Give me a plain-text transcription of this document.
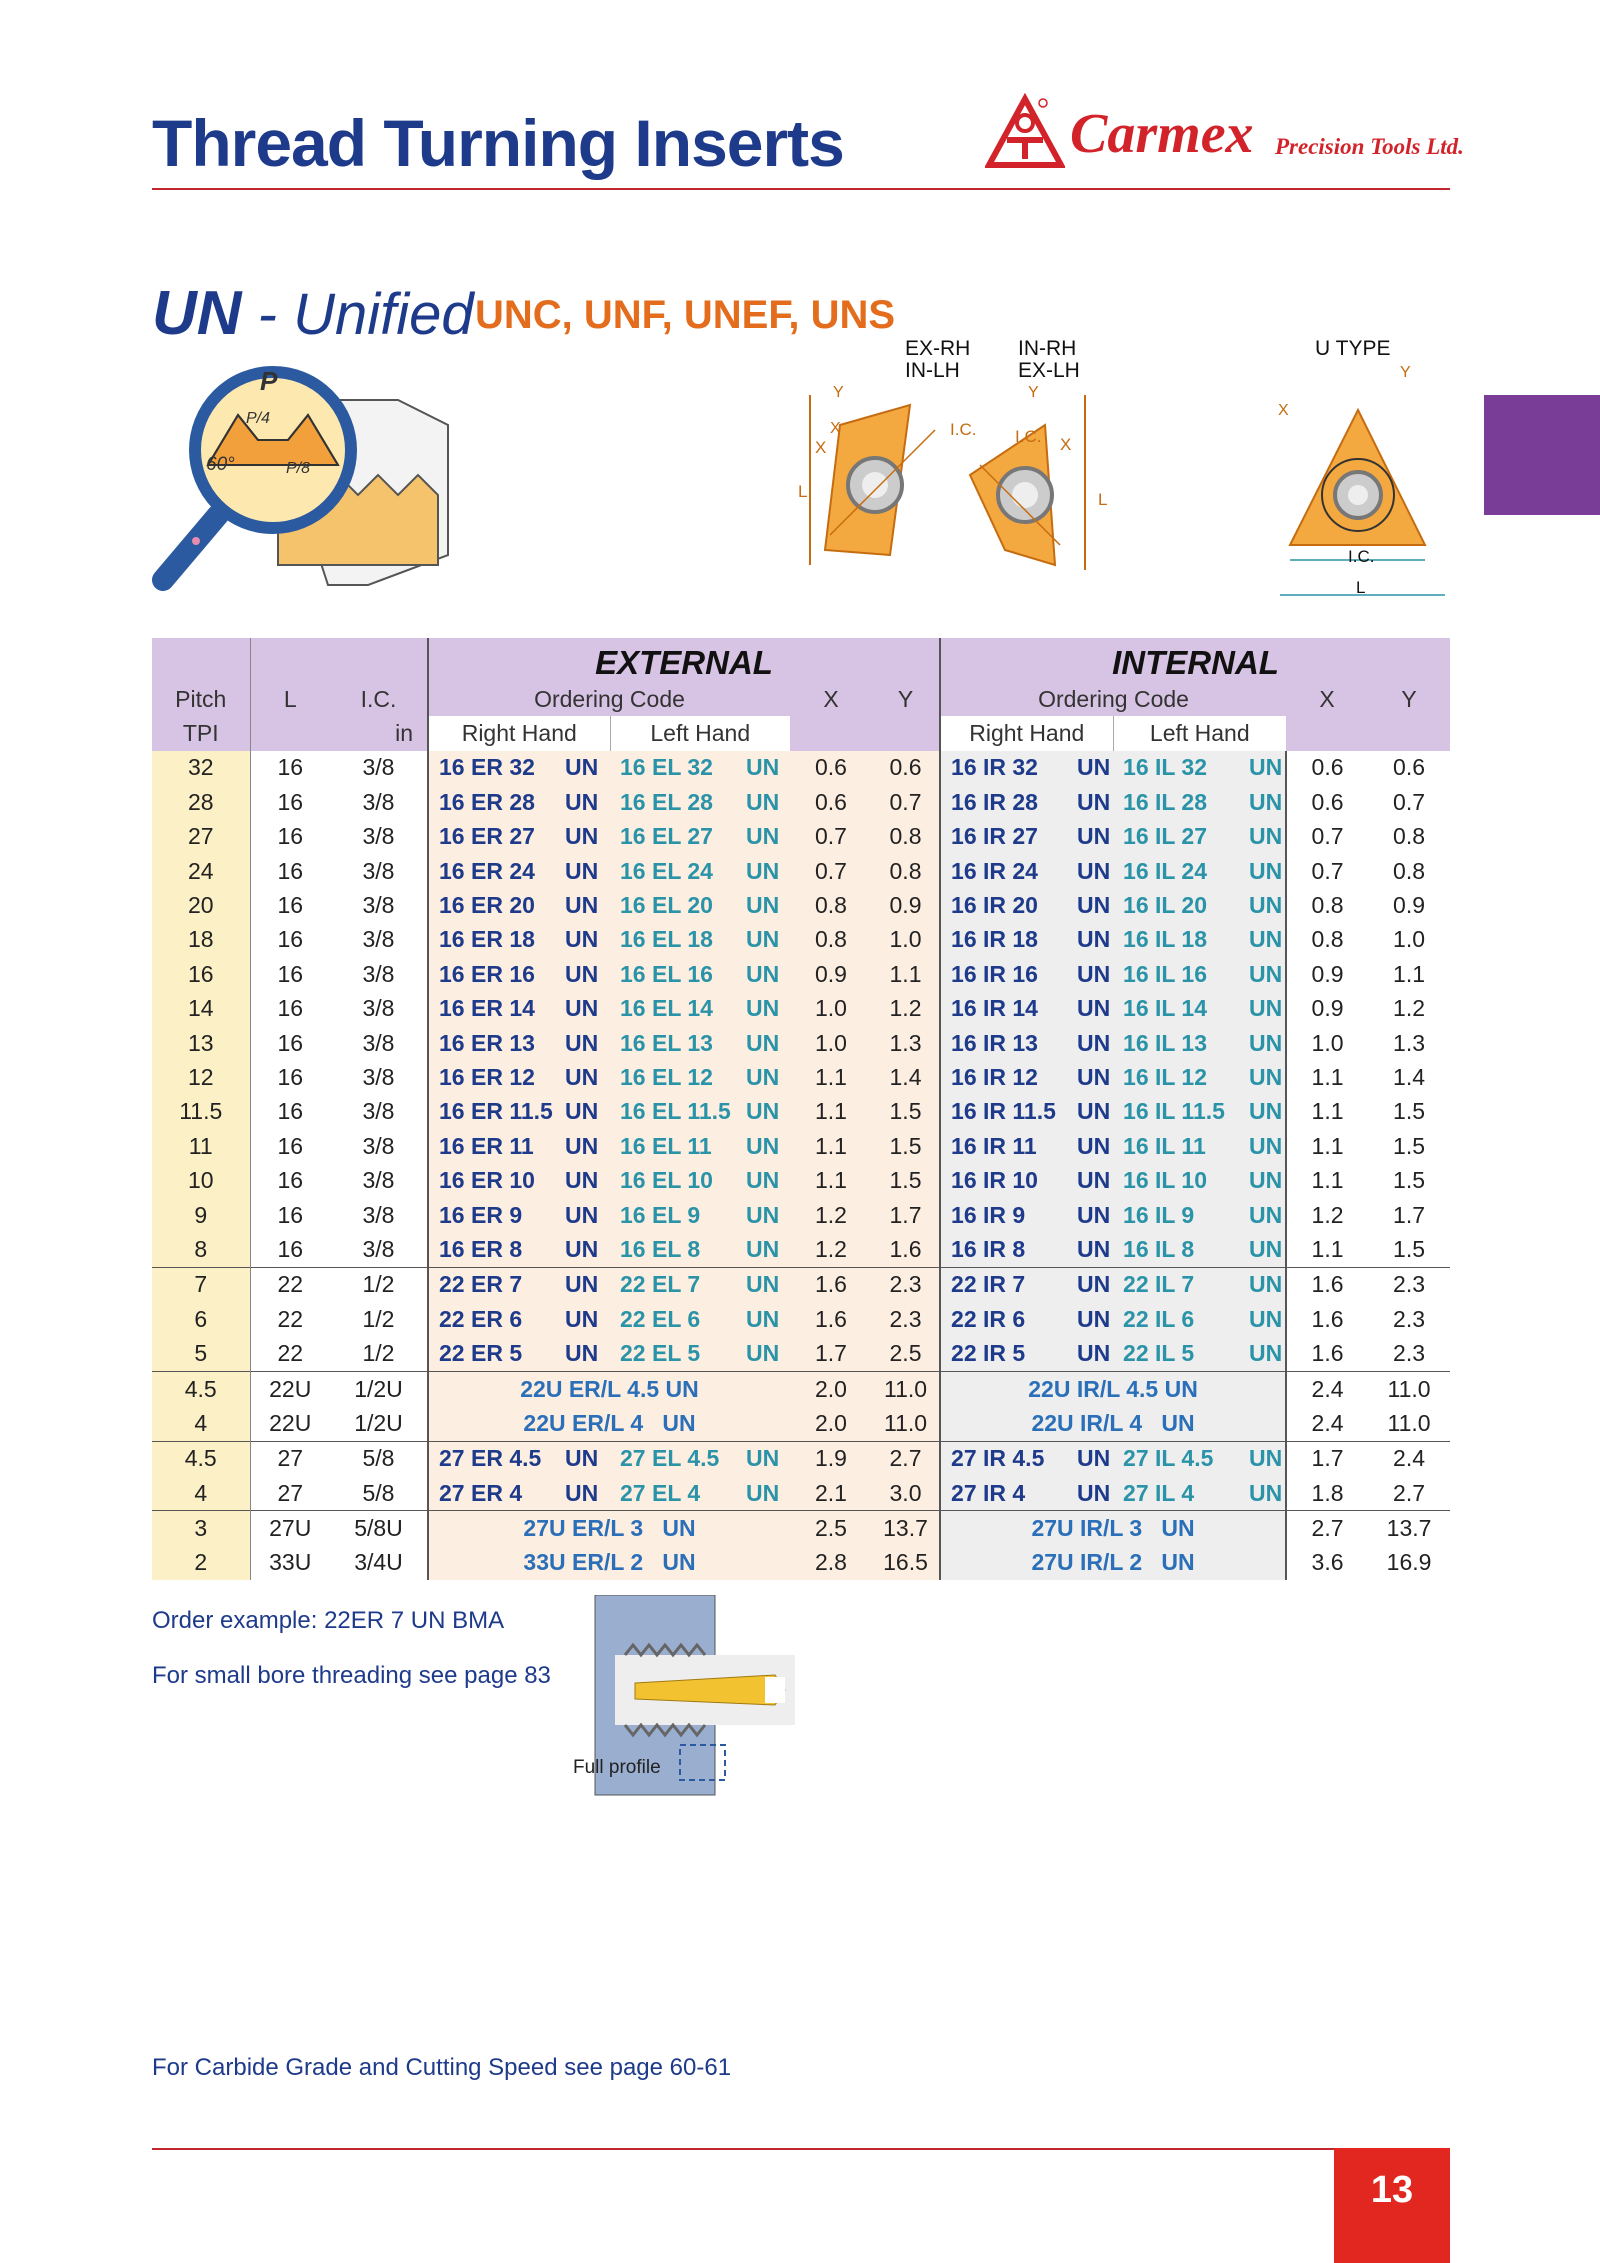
Thread Turning Inserts	Carmex Precision Tools Ltd.
UN - Unified UNC, UNF, UNEF, UNS
P
P/4
60°	P/8
EX-RH
IN-LH
IN-RH
EX-LH
U TYPE
L
X
X
Y
I.C.
L
I.C. X
Y
Y
X
I.C.
L
			EXTERNAL				INTERNAL			
Pitch	L	I.C.	Ordering Code		X	Y	Ordering Code		X	Y
TPI		in	Right Hand	Left Hand			Right Hand	Left Hand		
32	16	3/8	16 ER 32 UN	16 EL 32 UN	0.6	0.6	16 IR 32 UN	16 IL 32 UN	0.6	0.6
28	16	3/8	16 ER 28 UN	16 EL 28 UN	0.6	0.7	16 IR 28 UN	16 IL 28 UN	0.6	0.7
27	16	3/8	16 ER 27 UN	16 EL 27 UN	0.7	0.8	16 IR 27 UN	16 IL 27 UN	0.7	0.8
24	16	3/8	16 ER 24 UN	16 EL 24 UN	0.7	0.8	16 IR 24 UN	16 IL 24 UN	0.7	0.8
20	16	3/8	16 ER 20 UN	16 EL 20 UN	0.8	0.9	16 IR 20 UN	16 IL 20 UN	0.8	0.9
18	16	3/8	16 ER 18 UN	16 EL 18 UN	0.8	1.0	16 IR 18 UN	16 IL 18 UN	0.8	1.0
16	16	3/8	16 ER 16 UN	16 EL 16 UN	0.9	1.1	16 IR 16 UN	16 IL 16 UN	0.9	1.1
14	16	3/8	16 ER 14 UN	16 EL 14 UN	1.0	1.2	16 IR 14 UN	16 IL 14 UN	0.9	1.2
13	16	3/8	16 ER 13 UN	16 EL 13 UN	1.0	1.3	16 IR 13 UN	16 IL 13 UN	1.0	1.3
12	16	3/8	16 ER 12 UN	16 EL 12 UN	1.1	1.4	16 IR 12 UN	16 IL 12 UN	1.1	1.4
11.5	16	3/8	16 ER 11.5 UN	16 EL 11.5 UN	1.1	1.5	16 IR 11.5 UN	16 IL 11.5 UN	1.1	1.5
11	16	3/8	16 ER 11 UN	16 EL 11 UN	1.1	1.5	16 IR 11 UN	16 IL 11 UN	1.1	1.5
10	16	3/8	16 ER 10 UN	16 EL 10 UN	1.1	1.5	16 IR 10 UN	16 IL 10 UN	1.1	1.5
9	16	3/8	16 ER 9 UN	16 EL 9 UN	1.2	1.7	16 IR 9 UN	16 IL 9 UN	1.2	1.7
8	16	3/8	16 ER 8 UN	16 EL 8 UN	1.2	1.6	16 IR 8 UN	16 IL 8 UN	1.1	1.5
7	22	1/2	22 ER 7 UN	22 EL 7 UN	1.6	2.3	22 IR 7 UN	22 IL 7 UN	1.6	2.3
6	22	1/2	22 ER 6 UN	22 EL 6 UN	1.6	2.3	22 IR 6 UN	22 IL 6 UN	1.6	2.3
5	22	1/2	22 ER 5 UN	22 EL 5 UN	1.7	2.5	22 IR 5 UN	22 IL 5 UN	1.6	2.3
4.5	22U	1/2U	22U ER/L 4.5 UN		2.0	11.0	22U IR/L 4.5 UN		2.4	11.0
4	22U	1/2U	22U ER/L 4   UN		2.0	11.0	22U IR/L 4   UN		2.4	11.0
4.5	27	5/8	27 ER 4.5 UN	27 EL 4.5 UN	1.9	2.7	27 IR 4.5 UN	27 IL 4.5 UN	1.7	2.4
4	27	5/8	27 ER 4 UN	27 EL 4 UN	2.1	3.0	27 IR 4 UN	27 IL 4 UN	1.8	2.7
3	27U	5/8U	27U ER/L 3   UN		2.5	13.7	27U IR/L 3   UN		2.7	13.7
2	33U	3/4U	33U ER/L 2   UN		2.8	16.5	27U IR/L 2   UN		3.6	16.9
Order example: 22ER 7 UN BMA
For small bore threading see page 83
Full profile
For Carbide Grade and Cutting Speed see page 60-61
13
